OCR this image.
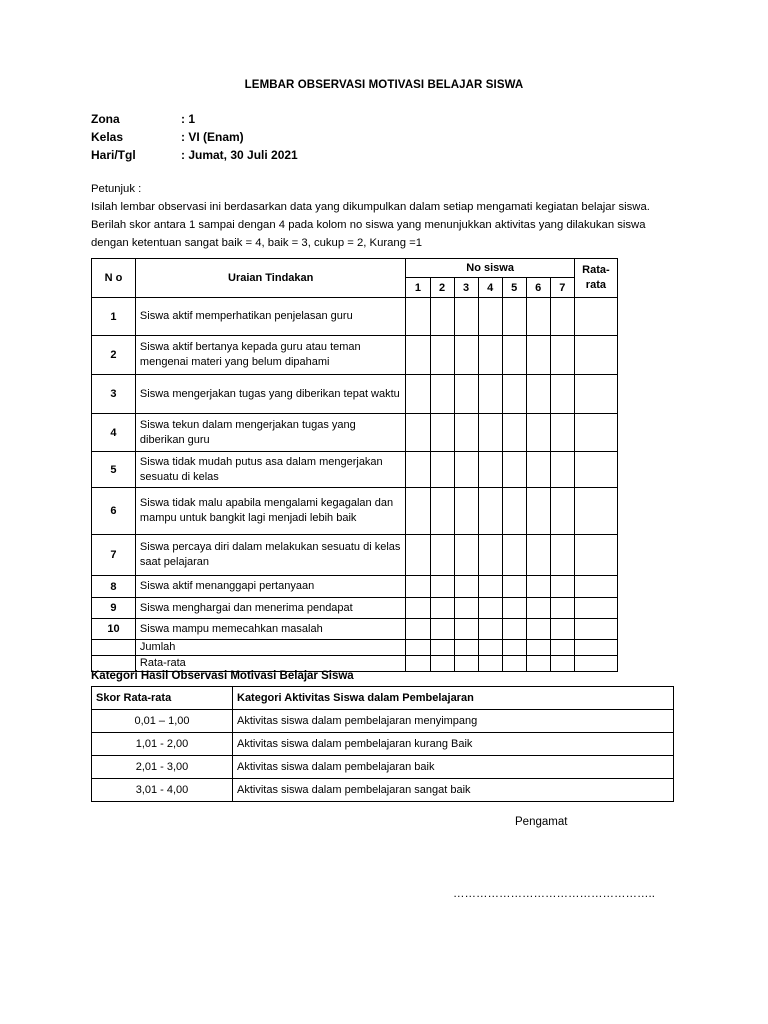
LEMBAR OBSERVASI MOTIVASI BELAJAR SISWA
Zona	: 1
Kelas	: VI (Enam)
Hari/Tgl	: Jumat, 30 Juli 2021
Petunjuk :
Isilah lembar observasi ini berdasarkan data yang dikumpulkan dalam setiap mengamati kegiatan belajar siswa. Berilah skor antara 1 sampai dengan 4 pada kolom no siswa yang menunjukkan aktivitas yang dilakukan siswa dengan ketentuan sangat baik = 4, baik = 3, cukup = 2, Kurang =1
N o	Uraian Tindakan	No siswa							Rata-rata
		1	2	3	4	5	6	7	

1	Siswa aktif memperhatikan penjelasan guru								
2	Siswa aktif bertanya kepada guru atau teman mengenai materi yang belum dipahami								
3	Siswa mengerjakan tugas yang diberikan tepat waktu								
4	Siswa tekun dalam mengerjakan tugas yang diberikan guru								
5	Siswa tidak mudah putus asa dalam mengerjakan sesuatu di kelas								
6	Siswa tidak malu apabila mengalami kegagalan dan mampu untuk bangkit lagi menjadi lebih baik								
7	Siswa percaya diri dalam melakukan sesuatu di kelas saat pelajaran								
8	Siswa aktif menanggapi pertanyaan								
9	Siswa menghargai dan menerima pendapat								
10	Siswa mampu memecahkan masalah								
	Jumlah								
	Rata-rata								
Kategori Hasil Observasi Motivasi Belajar Siswa
Skor Rata-rata	Kategori Aktivitas Siswa dalam Pembelajaran
0,01 – 1,00	Aktivitas siswa dalam pembelajaran menyimpang
1,01 - 2,00	Aktivitas siswa dalam pembelajaran kurang Baik
2,01 - 3,00	Aktivitas siswa dalam pembelajaran baik
3,01 - 4,00	Aktivitas siswa dalam pembelajaran sangat baik
Pengamat
……………………………………………..
